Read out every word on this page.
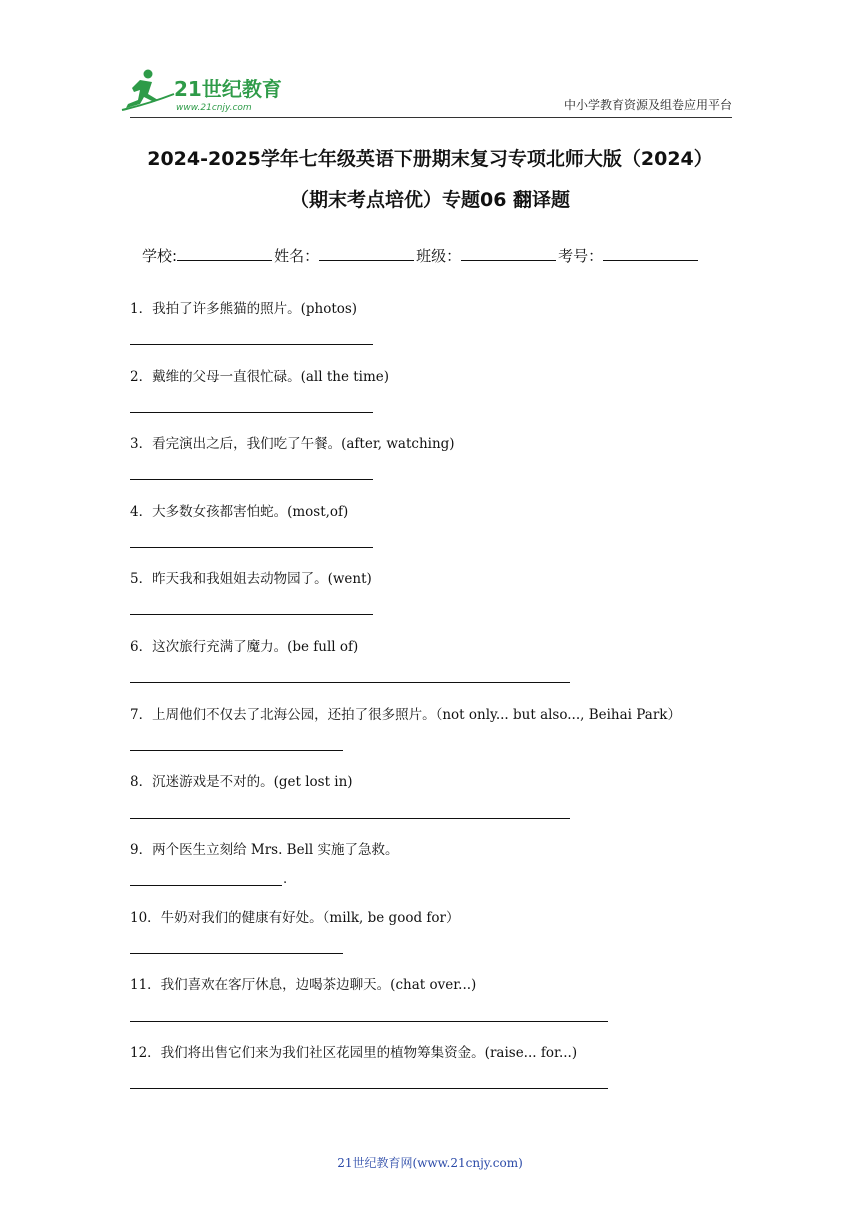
21世纪教育
www.21cnjy.com	中小学教育资源及组卷应用平台
2024-2025学年七年级英语下册期末复习专项北师大版（2024）
（期末考点培优）专题06 翻译题
学校:	姓名：	班级：	考号：
1．我拍了许多熊猫的照片。(photos)
2．戴维的父母一直很忙碌。(all the time)
3．看完演出之后，我们吃了午餐。(after, watching)
4．大多数女孩都害怕蛇。(most,of)
5．昨天我和我姐姐去动物园了。(went)
6．这次旅行充满了魔力。(be full of)
7．上周他们不仅去了北海公园，还拍了很多照片。（not only... but also..., Beihai Park）
8．沉迷游戏是不对的。(get lost in)
9．两个医生立刻给 Mrs. Bell 实施了急救。
.
10．牛奶对我们的健康有好处。（milk, be good for）
11．我们喜欢在客厅休息，边喝茶边聊天。(chat over...)
12．我们将出售它们来为我们社区花园里的植物筹集资金。(raise... for...)
21世纪教育网(www.21cnjy.com)
